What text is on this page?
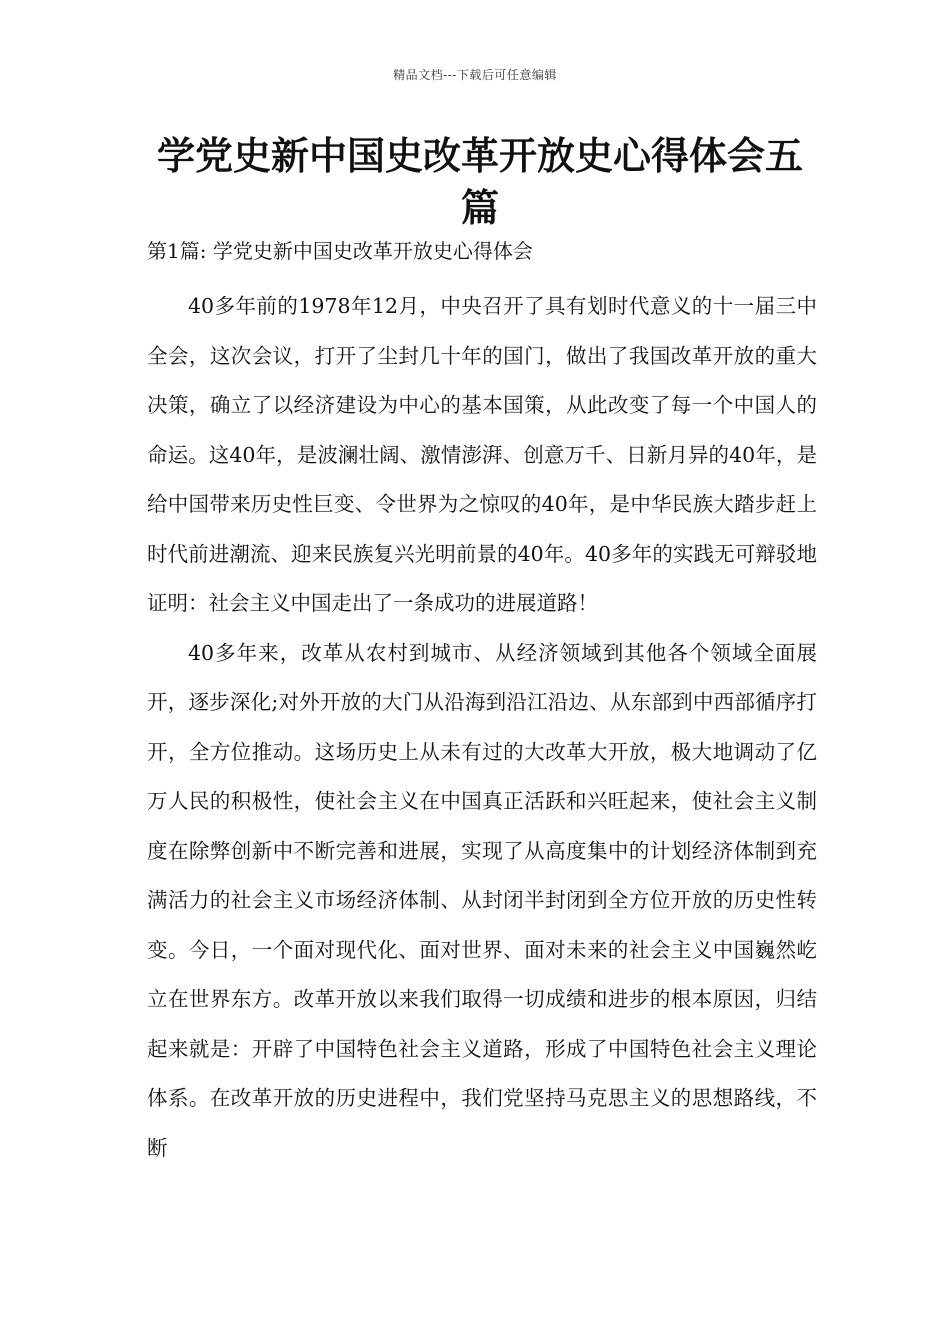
精品文档---下载后可任意编辑
学党史新中国史改革开放史心得体会五篇
第1篇: 学党史新中国史改革开放史心得体会

40多年前的1978年12月，中央召开了具有划时代意义的十一届三中全会，这次会议，打开了尘封几十年的国门，做出了我国改革开放的重大决策，确立了以经济建设为中心的基本国策，从此改变了每一个中国人的命运。这40年，是波澜壮阔、激情澎湃、创意万千、日新月异的40年，是给中国带来历史性巨变、令世界为之惊叹的40年，是中华民族大踏步赶上时代前进潮流、迎来民族复兴光明前景的40年。40多年的实践无可辩驳地证明：社会主义中国走出了一条成功的进展道路！

40多年来，改革从农村到城市、从经济领域到其他各个领域全面展开，逐步深化;对外开放的大门从沿海到沿江沿边、从东部到中西部循序打开，全方位推动。这场历史上从未有过的大改革大开放，极大地调动了亿万人民的积极性，使社会主义在中国真正活跃和兴旺起来，使社会主义制度在除弊创新中不断完善和进展，实现了从高度集中的计划经济体制到充满活力的社会主义市场经济体制、从封闭半封闭到全方位开放的历史性转变。今日，一个面对现代化、面对世界、面对未来的社会主义中国巍然屹立在世界东方。改革开放以来我们取得一切成绩和进步的根本原因，归结起来就是：开辟了中国特色社会主义道路，形成了中国特色社会主义理论体系。在改革开放的历史进程中，我们党坚持马克思主义的思想路线，不断
